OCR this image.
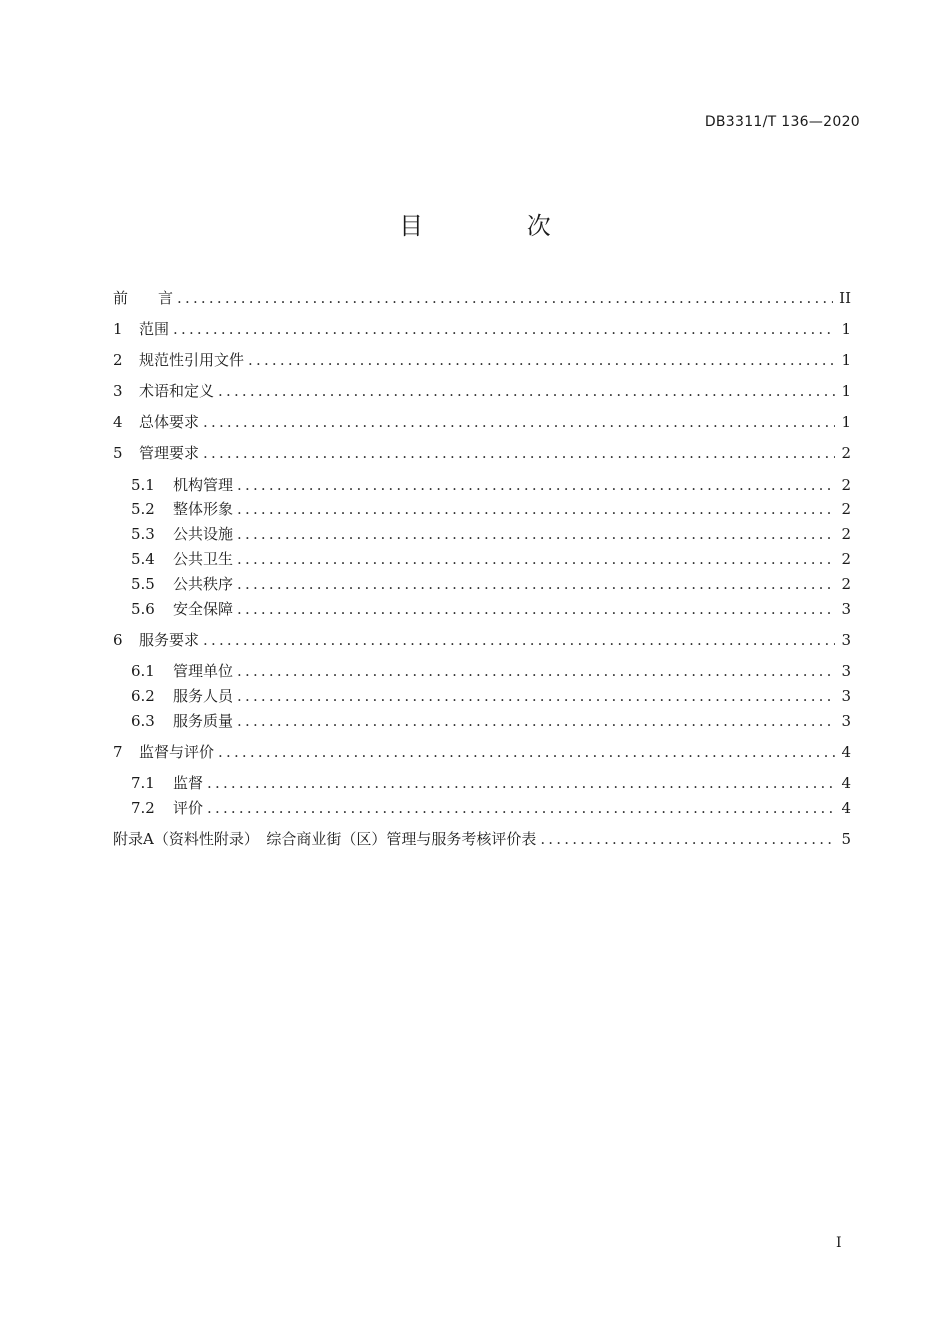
DB3311/T 136—2020
目 次
前　　言 .....	II
1	范围 .....	1
2	规范性引用文件 .....	1
3	术语和定义 .....	1
4	总体要求 .....	1
5	管理要求 .....	2
5.1	机构管理 .....	2
5.2	整体形象 .....	2
5.3	公共设施 .....	2
5.4	公共卫生 .....	2
5.5	公共秩序 .....	2
5.6	安全保障 .....	3
6	服务要求 .....	3
6.1	管理单位 .....	3
6.2	服务人员 .....	3
6.3	服务质量 .....	3
7	监督与评价 .....	4
7.1	监督 .....	4
7.2	评价 .....	4
附录A（资料性附录）　综合商业街（区）管理与服务考核评价表 .....	5
I
